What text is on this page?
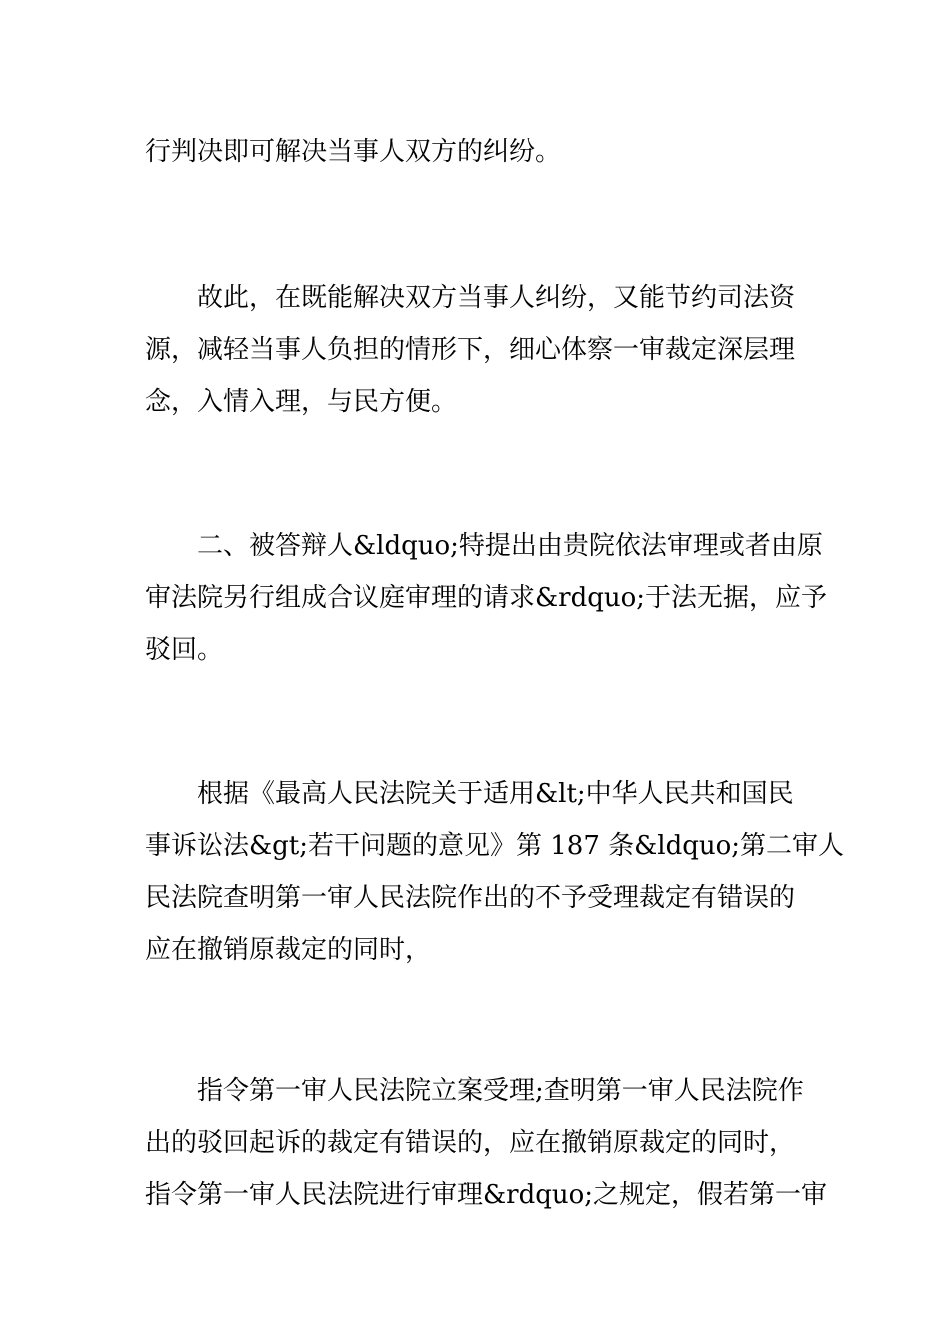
行判决即可解决当事人双方的纠纷。
故此，在既能解决双方当事人纠纷，又能节约司法资
源，减轻当事人负担的情形下，细心体察一审裁定深层理
念，入情入理，与民方便。
二、被答辩人&ldquo;特提出由贵院依法审理或者由原
审法院另行组成合议庭审理的请求&rdquo;于法无据，应予
驳回。
根据《最高人民法院关于适用&lt;中华人民共和国民
事诉讼法&gt;若干问题的意见》第 187 条&ldquo;第二审人
民法院查明第一审人民法院作出的不予受理裁定有错误的
应在撤销原裁定的同时，
指令第一审人民法院立案受理;查明第一审人民法院作
出的驳回起诉的裁定有错误的，应在撤销原裁定的同时，
指令第一审人民法院进行审理&rdquo;之规定，假若第一审
